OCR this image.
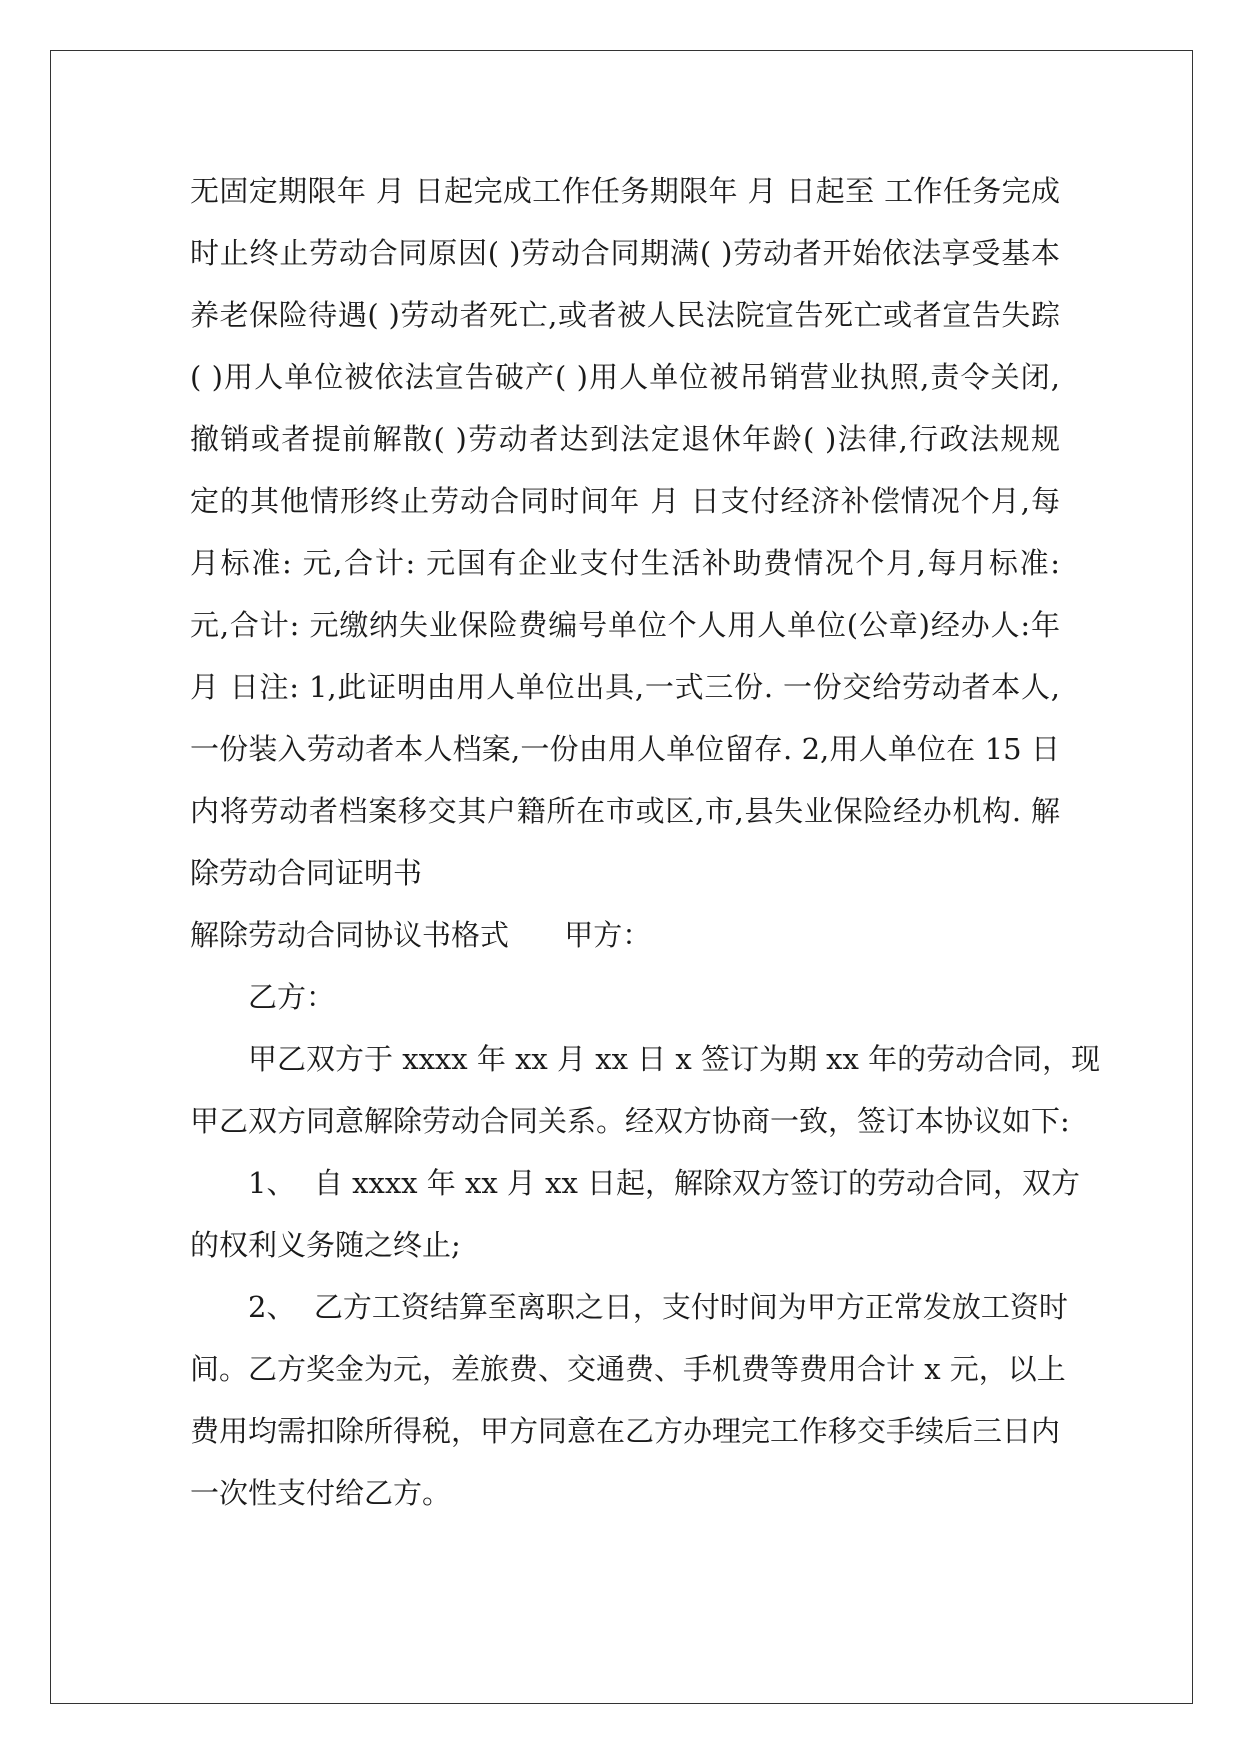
无固定期限年 月 日起完成工作任务期限年 月 日起至 工作任务完成
时止终止劳动合同原因( )劳动合同期满( )劳动者开始依法享受基本
养老保险待遇( )劳动者死亡,或者被人民法院宣告死亡或者宣告失踪
( )用人单位被依法宣告破产( )用人单位被吊销营业执照,责令关闭,
撤销或者提前解散( )劳动者达到法定退休年龄( )法律,行政法规规
定的其他情形终止劳动合同时间年 月 日支付经济补偿情况个月,每
月标准: 元,合计: 元国有企业支付生活补助费情况个月,每月标准:
元,合计: 元缴纳失业保险费编号单位个人用人单位(公章)经办人:年
月 日注: 1,此证明由用人单位出具,一式三份. 一份交给劳动者本人,
一份装入劳动者本人档案,一份由用人单位留存. 2,用人单位在 15 日
内将劳动者档案移交其户籍所在市或区,市,县失业保险经办机构. 解
除劳动合同证明书
解除劳动合同协议书格式      甲方：
乙方：
甲乙双方于 xxxx 年 xx 月 xx 日 x 签订为期 xx 年的劳动合同，现
甲乙双方同意解除劳动合同关系。经双方协商一致，签订本协议如下:
1、  自 xxxx 年 xx 月 xx 日起，解除双方签订的劳动合同，双方
的权利义务随之终止;
2、  乙方工资结算至离职之日，支付时间为甲方正常发放工资时
间。乙方奖金为元，差旅费、交通费、手机费等费用合计 x 元，以上
费用均需扣除所得税，甲方同意在乙方办理完工作移交手续后三日内
一次性支付给乙方。
